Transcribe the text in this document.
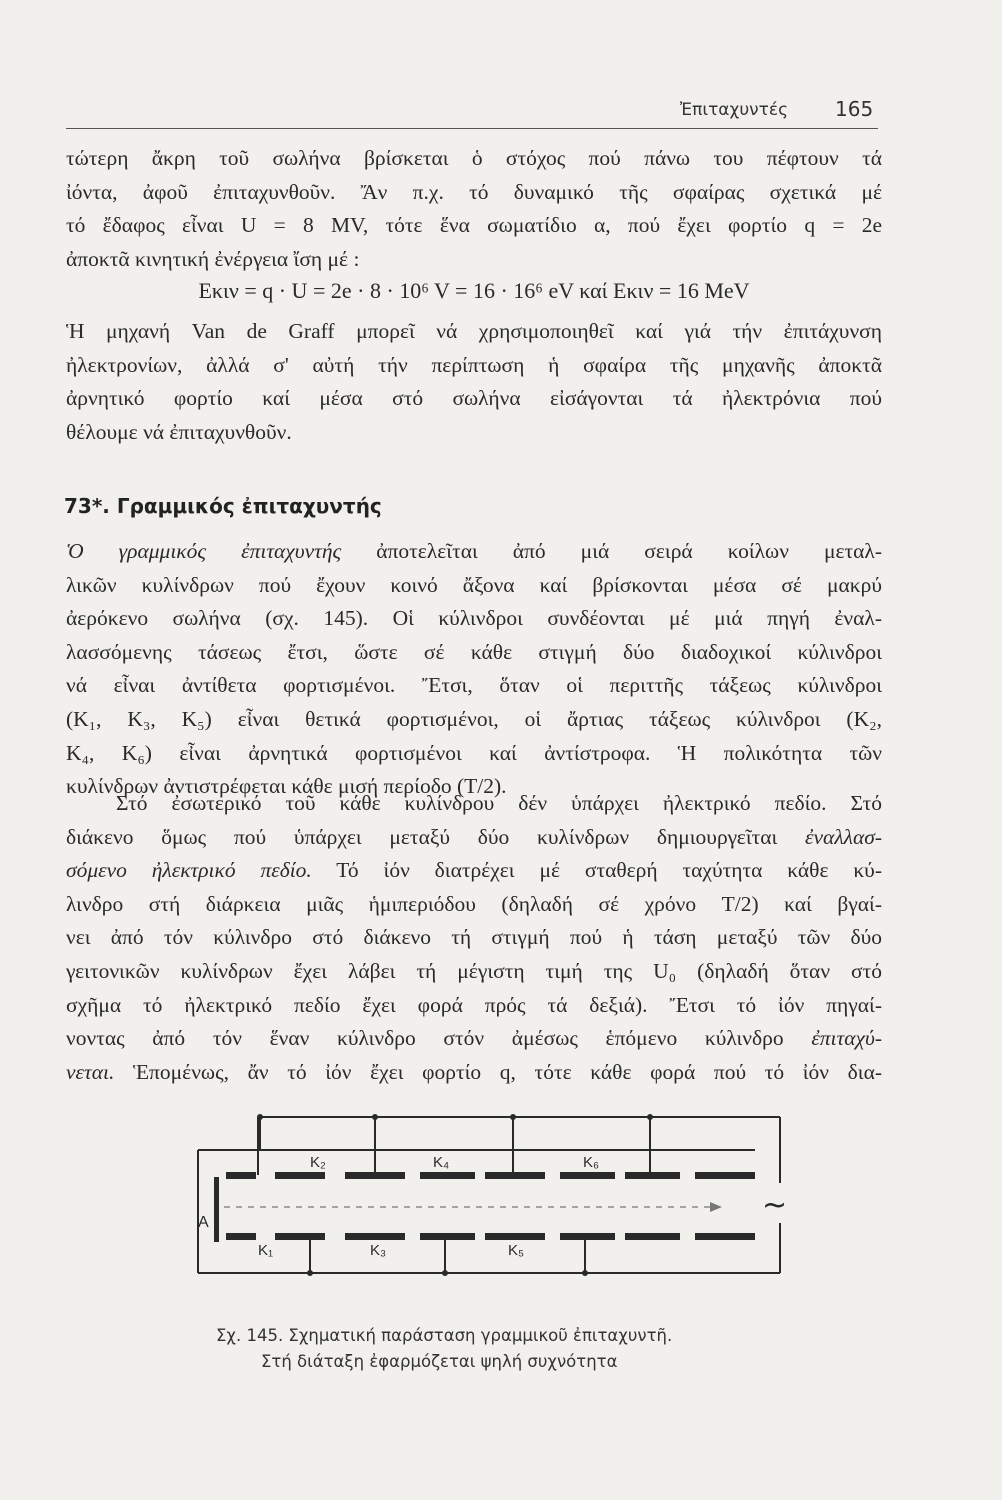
Ἐπιταχυντές 165
τώτερη ἄκρη τοῦ σωλήνα βρίσκεται ὁ στόχος πού πάνω του πέφτουν τά
ἰόντα, ἀφοῦ ἐπιταχυνθοῦν. Ἄν π.χ. τό δυναμικό τῆς σφαίρας σχετικά μέ
τό ἔδαφος εἶναι U = 8 MV, τότε ἕνα σωματίδιο α, πού ἔχει φορτίο q = 2e
ἀποκτᾶ κινητική ἐνέργεια ἴση μέ :
Eκιν = q · U = 2e · 8 · 10⁶ V = 16 · 16⁶ eV καί Eκιν = 16 MeV
Ἡ μηχανή Van de Graff μπορεῖ νά χρησιμοποιηθεῖ καί γιά τήν ἐπιτάχυνση
ἠλεκτρονίων, ἀλλά σ' αὐτή τήν περίπτωση ἡ σφαίρα τῆς μηχανῆς ἀποκτᾶ
ἀρνητικό φορτίο καί μέσα στό σωλήνα εἰσάγονται τά ἠλεκτρόνια πού
θέλουμε νά ἐπιταχυνθοῦν.
73*. Γραμμικός ἐπιταχυντής
Ὁ γραμμικός ἐπιταχυντής ἀποτελεῖται ἀπό μιά σειρά κοίλων μεταλ-
λικῶν κυλίνδρων πού ἔχουν κοινό ἄξονα καί βρίσκονται μέσα σέ μακρύ
ἀερόκενο σωλήνα (σχ. 145). Οἱ κύλινδροι συνδέονται μέ μιά πηγή ἐναλ-
λασσόμενης τάσεως ἔτσι, ὥστε σέ κάθε στιγμή δύο διαδοχικοί κύλινδροι
νά εἶναι ἀντίθετα φορτισμένοι. Ἔτσι, ὅταν οἱ περιττῆς τάξεως κύλινδροι
(K₁, K₃, K₅) εἶναι θετικά φορτισμένοι, οἱ ἄρτιας τάξεως κύλινδροι (K₂,
K₄, K₆) εἶναι ἀρνητικά φορτισμένοι καί ἀντίστροφα. Ἡ πολικότητα τῶν
κυλίνδρων ἀντιστρέφεται κάθε μισή περίοδο (T/2).
Στό ἐσωτερικό τοῦ κάθε κυλίνδρου δέν ὑπάρχει ἠλεκτρικό πεδίο. Στό
διάκενο ὅμως πού ὑπάρχει μεταξύ δύο κυλίνδρων δημιουργεῖται ἐναλλασ-
σόμενο ἠλεκτρικό πεδίο. Τό ἰόν διατρέχει μέ σταθερή ταχύτητα κάθε κύ-
λινδρο στή διάρκεια μιᾶς ἡμιπεριόδου (δηλαδή σέ χρόνο T/2) καί βγαί-
νει ἀπό τόν κύλινδρο στό διάκενο τή στιγμή πού ἡ τάση μεταξύ τῶν δύο
γειτονικῶν κυλίνδρων ἔχει λάβει τή μέγιστη τιμή της U₀ (δηλαδή ὅταν στό
σχῆμα τό ἠλεκτρικό πεδίο ἔχει φορά πρός τά δεξιά). Ἔτσι τό ἰόν πηγαί-
νοντας ἀπό τόν ἕναν κύλινδρο στόν ἀμέσως ἑπόμενο κύλινδρο ἐπιταχύ-
νεται. Ἑπομένως, ἄν τό ἰόν ἔχει φορτίο q, τότε κάθε φορά πού τό ἰόν δια-
A
K₁
K₂
K₃
K₄
K₅
K₆
~
Σχ. 145. Σχηματική παράσταση γραμμικοῦ ἐπιταχυντῆ.
Στή διάταξη ἐφαρμόζεται ψηλή συχνότητα
